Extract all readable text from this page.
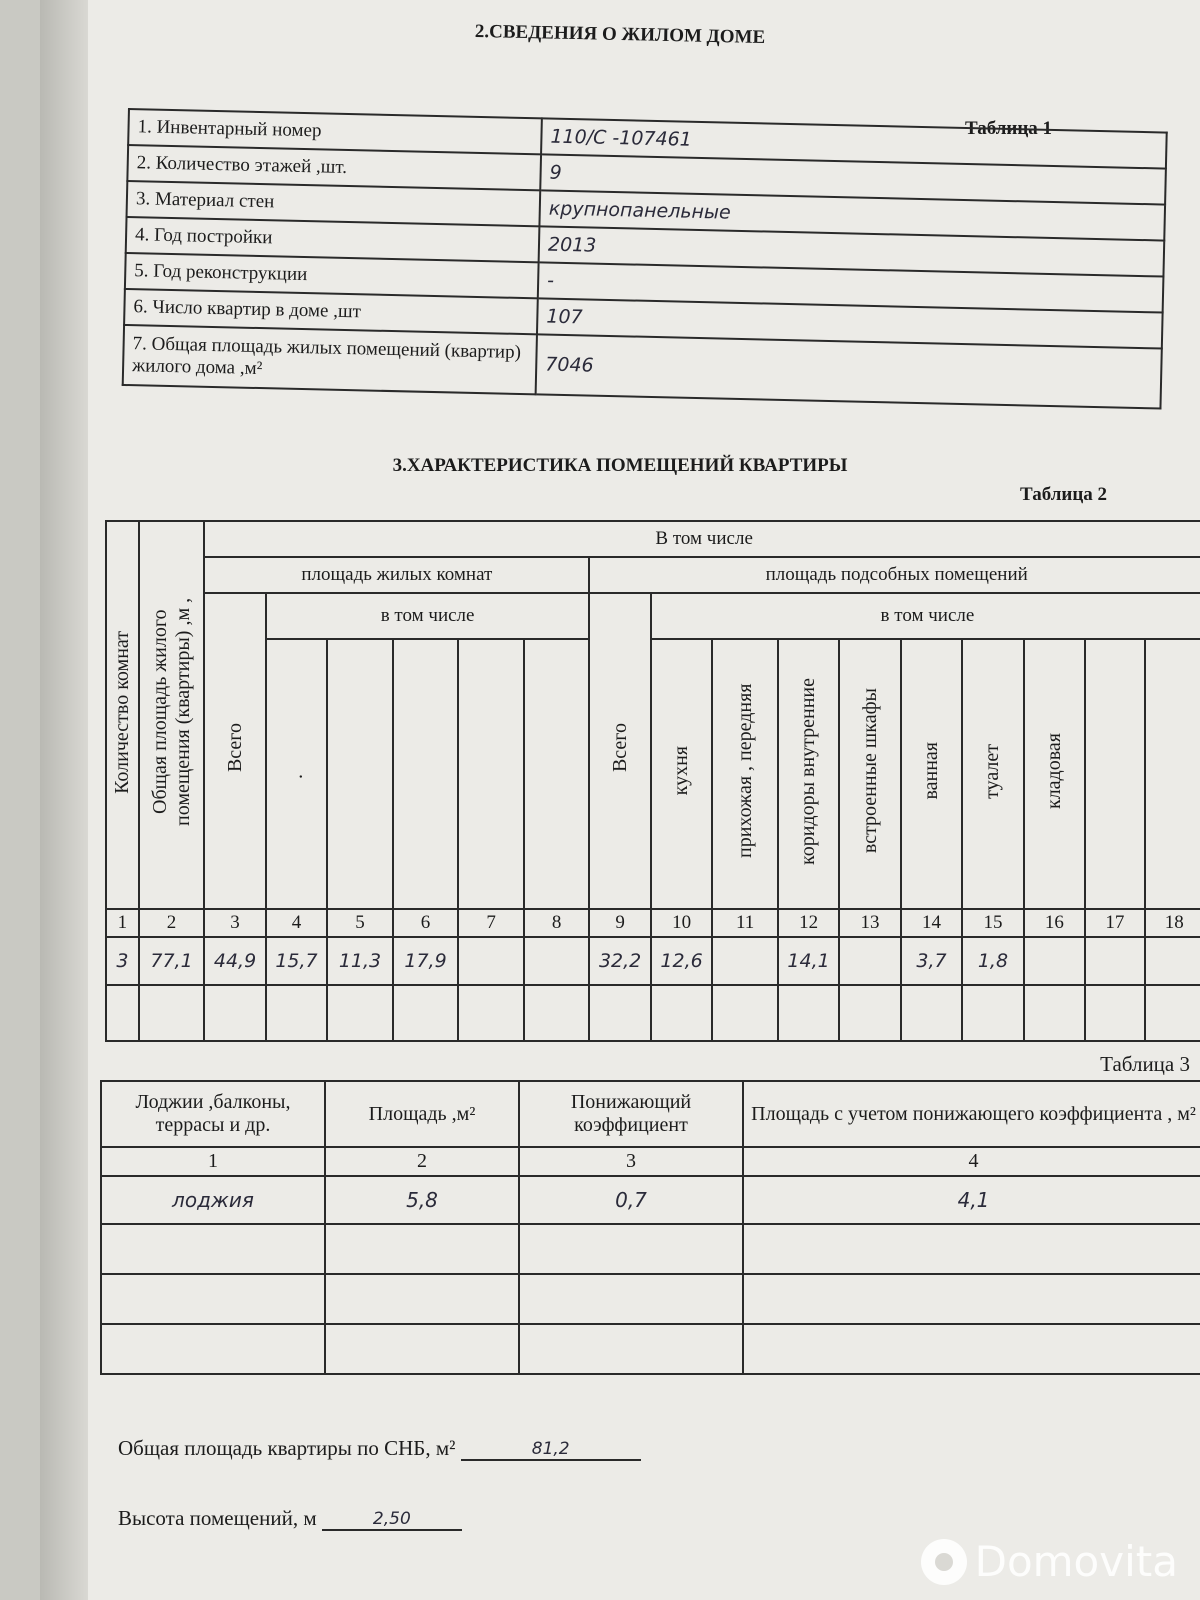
2.СВЕДЕНИЯ О ЖИЛОМ ДОМЕ
Таблица 1
1. Инвентарный номер	110/С -107461
2. Количество этажей ,шт.	9
3. Материал стен	крупнопанельные
4. Год постройки	2013
5. Год реконструкции	-
6. Число квартир в доме ,шт	107
7. Общая площадь жилых помещений (квартир) жилого дома ,м²	7046
3.ХАРАКТЕРИСТИКА ПОМЕЩЕНИЙ КВАРТИРЫ
Таблица 2
Количество комнат	Общая площадь жилого помещения (квартиры) ,м ,	В том числе															
		площадь жилых комнат						площадь подсобных помещений									
		Всего	в том числе					Всего	в том числе								
			.						кухня	прихожая , передняя	коридоры внутренние	встроенные шкафы	ванная	туалет	кладовая		
1	2	3	4	5	6	7	8	9	10	11	12	13	14	15	16	17	18
3	77,1	44,9	15,7	11,3	17,9			32,2	12,6		14,1		3,7	1,8			

Таблица 3
Лоджии ,балконы, террасы и др.	Площадь ,м²	Понижающий коэффициент	Площадь с учетом понижающего коэффициента , м²
1	2	3	4
лоджия	5,8	0,7	4,1

Общая площадь квартиры по СНБ, м²	81,2
Высота помещений, м	2,50
Domovita
